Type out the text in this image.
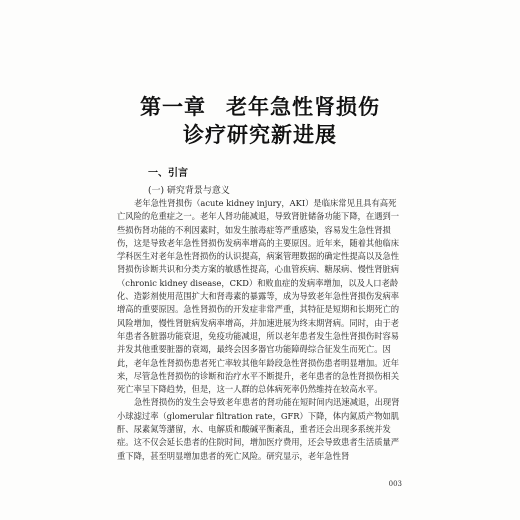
第一章 老年急性肾损伤
诊疗研究新进展
一、引言
(一) 研究背景与意义

老年急性肾损伤（acute kidney injury，AKI）是临床常见且具有高死亡风险的危重症之一。老年人肾功能减退，导致肾脏储备功能下降，在遇到一些损伤肾功能的不利因素时，如发生脓毒症等严重感染，容易发生急性肾损伤，这是导致老年急性肾损伤发病率增高的主要原因。近年来，随着其他临床学科医生对老年急性肾损伤的认识提高，病案管理数据的确定性提高以及急性肾损伤诊断共识和分类方案的敏感性提高，心血管疾病、糖尿病、慢性肾脏病（chronic kidney disease，CKD）和败血症的发病率增加，以及人口老龄化、造影剂使用范围扩大和肾毒素的暴露等，成为导致老年急性肾损伤发病率增高的重要原因。急性肾损伤的开发症非常严重，其特征是短期和长期死亡的风险增加，慢性肾脏病发病率增高，并加速进展为终末期肾病。同时，由于老年患者各脏器功能衰退，免疫功能减退，所以老年患者发生急性肾损伤时容易并发其他重要脏器的衰竭，最终会因多器官功能障碍综合征发生而死亡。因此，老年急性肾损伤患者死亡率较其他年龄段急性肾损伤患者明显增加。近年来，尽管急性肾损伤的诊断和治疗水平不断提升，老年患者的急性肾损伤相关死亡率呈下降趋势，但是，这一人群的总体病死率仍然维持在较高水平。

急性肾损伤的发生会导致老年患者的肾功能在短时间内迅速减退，出现肾小球滤过率（glomerular filtration rate，GFR）下降，体内氮质产物如肌酐、尿素氮等潴留，水、电解质和酸碱平衡紊乱，重者还会出现多系统并发症。这不仅会延长患者的住院时间，增加医疗费用，还会导致患者生活质量严重下降，甚至明显增加患者的死亡风险。研究显示，老年急性肾

003
